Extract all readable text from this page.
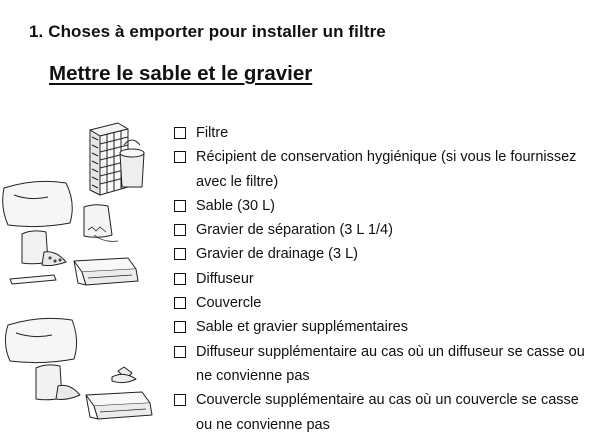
1. Choses à emporter pour installer un filtre
Mettre le sable et le gravier
Filtre
Récipient de conservation hygiénique (si vous le fournissez avec le filtre)
Sable (30 L)
Gravier de séparation (3 L 1/4)
Gravier de drainage (3 L)
Diffuseur
Couvercle
Sable et gravier supplémentaires
Diffuseur supplémentaire au cas où un diffuseur se casse ou ne convienne pas
Couvercle supplémentaire au cas où un couvercle se casse ou ne convienne pas
